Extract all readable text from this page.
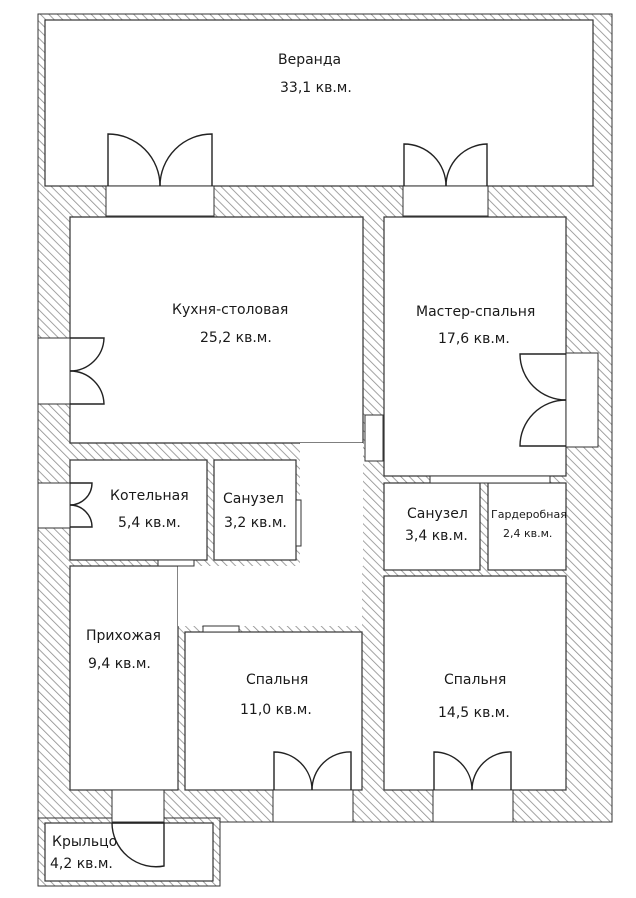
Веранда
33,1 кв.м.
Кухня-столовая
25,2 кв.м.
Мастер-спальня
17,6 кв.м.
Котельная
5,4 кв.м.
Санузел
3,2 кв.м.
Санузел
3,4 кв.м.
Гардеробная
2,4 кв.м.
Прихожая
9,4 кв.м.
Спальня
11,0 кв.м.
Спальня
14,5 кв.м.
Крыльцо
4,2 кв.м.
